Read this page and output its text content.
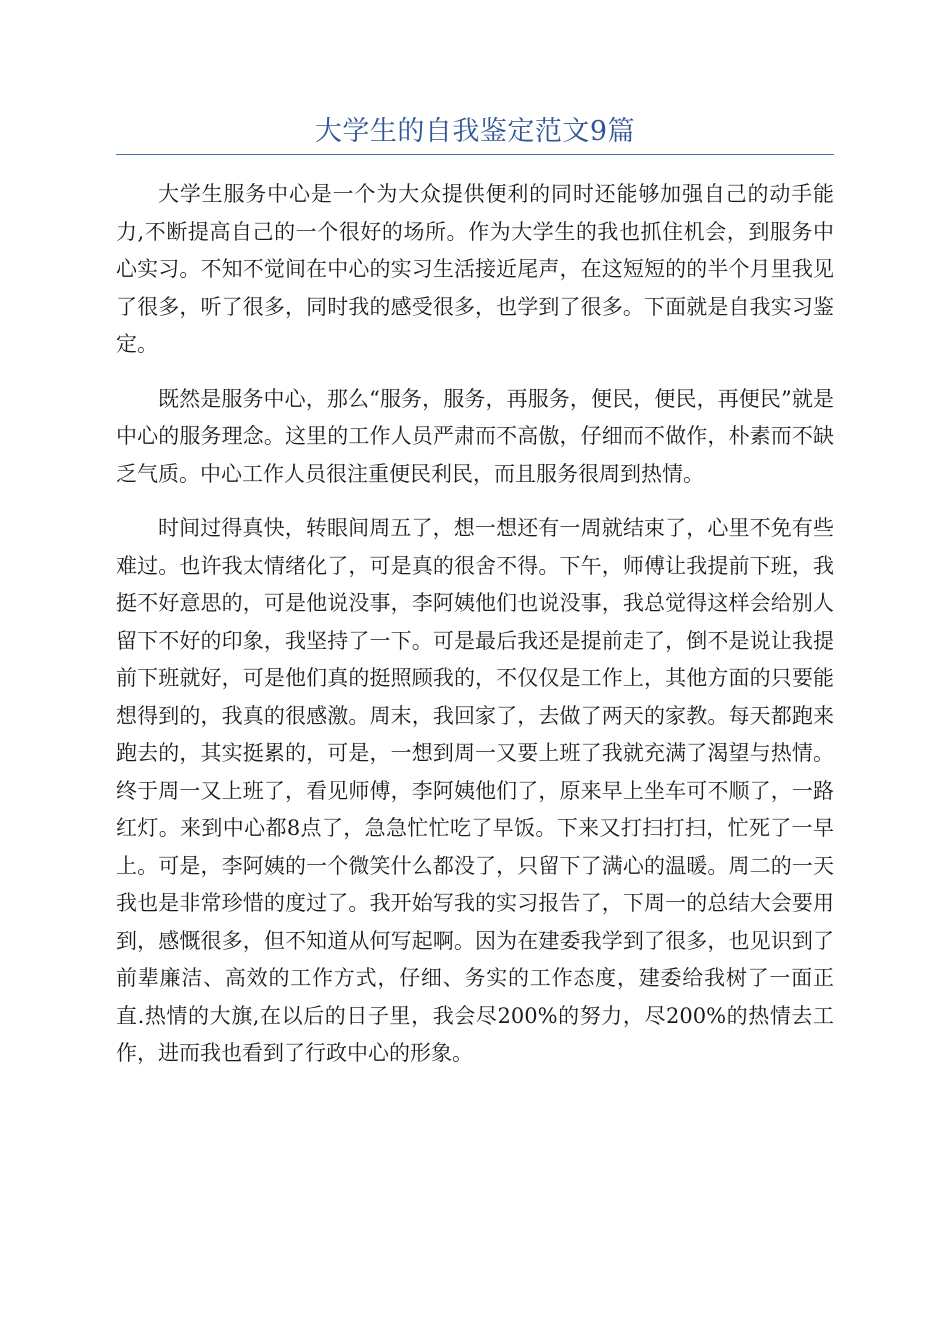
大学生的自我鉴定范文9篇

大学生服务中心是一个为大众提供便利的同时还能够加强自己的动手能力,不断提高自己的一个很好的场所。作为大学生的我也抓住机会，到服务中心实习。不知不觉间在中心的实习生活接近尾声，在这短短的的半个月里我见了很多，听了很多，同时我的感受很多，也学到了很多。下面就是自我实习鉴定。

既然是服务中心，那么“服务，服务，再服务，便民，便民，再便民”就是中心的服务理念。这里的工作人员严肃而不高傲，仔细而不做作，朴素而不缺乏气质。中心工作人员很注重便民利民，而且服务很周到热情。

时间过得真快，转眼间周五了，想一想还有一周就结束了，心里不免有些难过。也许我太情绪化了，可是真的很舍不得。下午，师傅让我提前下班，我挺不好意思的，可是他说没事，李阿姨他们也说没事，我总觉得这样会给别人留下不好的印象，我坚持了一下。可是最后我还是提前走了，倒不是说让我提前下班就好，可是他们真的挺照顾我的，不仅仅是工作上，其他方面的只要能想得到的，我真的很感激。周末，我回家了，去做了两天的家教。每天都跑来跑去的，其实挺累的，可是，一想到周一又要上班了我就充满了渴望与热情。终于周一又上班了，看见师傅，李阿姨他们了，原来早上坐车可不顺了，一路红灯。来到中心都8点了，急急忙忙吃了早饭。下来又打扫打扫，忙死了一早上。可是，李阿姨的一个微笑什么都没了，只留下了满心的温暖。周二的一天我也是非常珍惜的度过了。我开始写我的实习报告了，下周一的总结大会要用到，感慨很多，但不知道从何写起啊。因为在建委我学到了很多，也见识到了前辈廉洁、高效的工作方式，仔细、务实的工作态度，建委给我树了一面正直.热情的大旗,在以后的日子里，我会尽200%的努力，尽200%的热情去工作，进而我也看到了行政中心的形象。
